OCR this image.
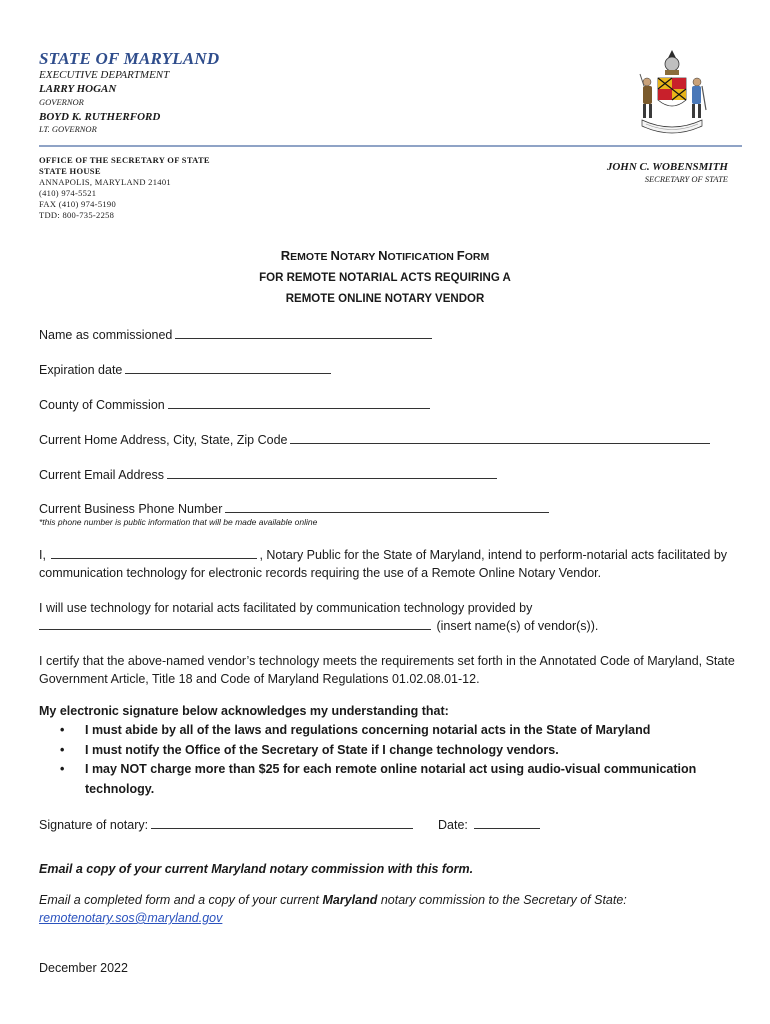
STATE OF MARYLAND
EXECUTIVE DEPARTMENT
LARRY HOGAN
GOVERNOR
BOYD K. RUTHERFORD
LT. GOVERNOR
OFFICE OF THE SECRETARY OF STATE
STATE HOUSE
ANNAPOLIS, MARYLAND 21401
(410) 974-5521
FAX (410) 974-5190
TDD: 800-735-2258
JOHN C. WOBENSMITH
SECRETARY OF STATE
REMOTE NOTARY NOTIFICATION FORM
FOR REMOTE NOTARIAL ACTS REQUIRING A
REMOTE ONLINE NOTARY VENDOR
Name as commissioned
Expiration date
County of Commission
Current Home Address, City, State, Zip Code
Current Email Address
Current Business Phone Number
*this phone number is public information that will be made available online
I,	, Notary Public for the State of Maryland, intend to perform-notarial acts facilitated by communication technology for electronic records requiring the use of a Remote Online Notary Vendor.
I will use technology for notarial acts facilitated by communication technology provided by
(insert name(s) of vendor(s)).
I certify that the above-named vendor’s technology meets the requirements set forth in the Annotated Code of Maryland, State Government Article, Title 18 and Code of Maryland Regulations 01.02.08.01-12.
My electronic signature below acknowledges my understanding that:
• I must abide by all of the laws and regulations concerning notarial acts in the State of Maryland
• I must notify the Office of the Secretary of State if I change technology vendors.
• I may NOT charge more than $25 for each remote online notarial act using audio-visual communication technology.
Signature of notary:	Date:
Email a copy of your current Maryland notary commission with this form.
Email a completed form and a copy of your current Maryland notary commission to the Secretary of State:
remotenotary.sos@maryland.gov
December 2022
